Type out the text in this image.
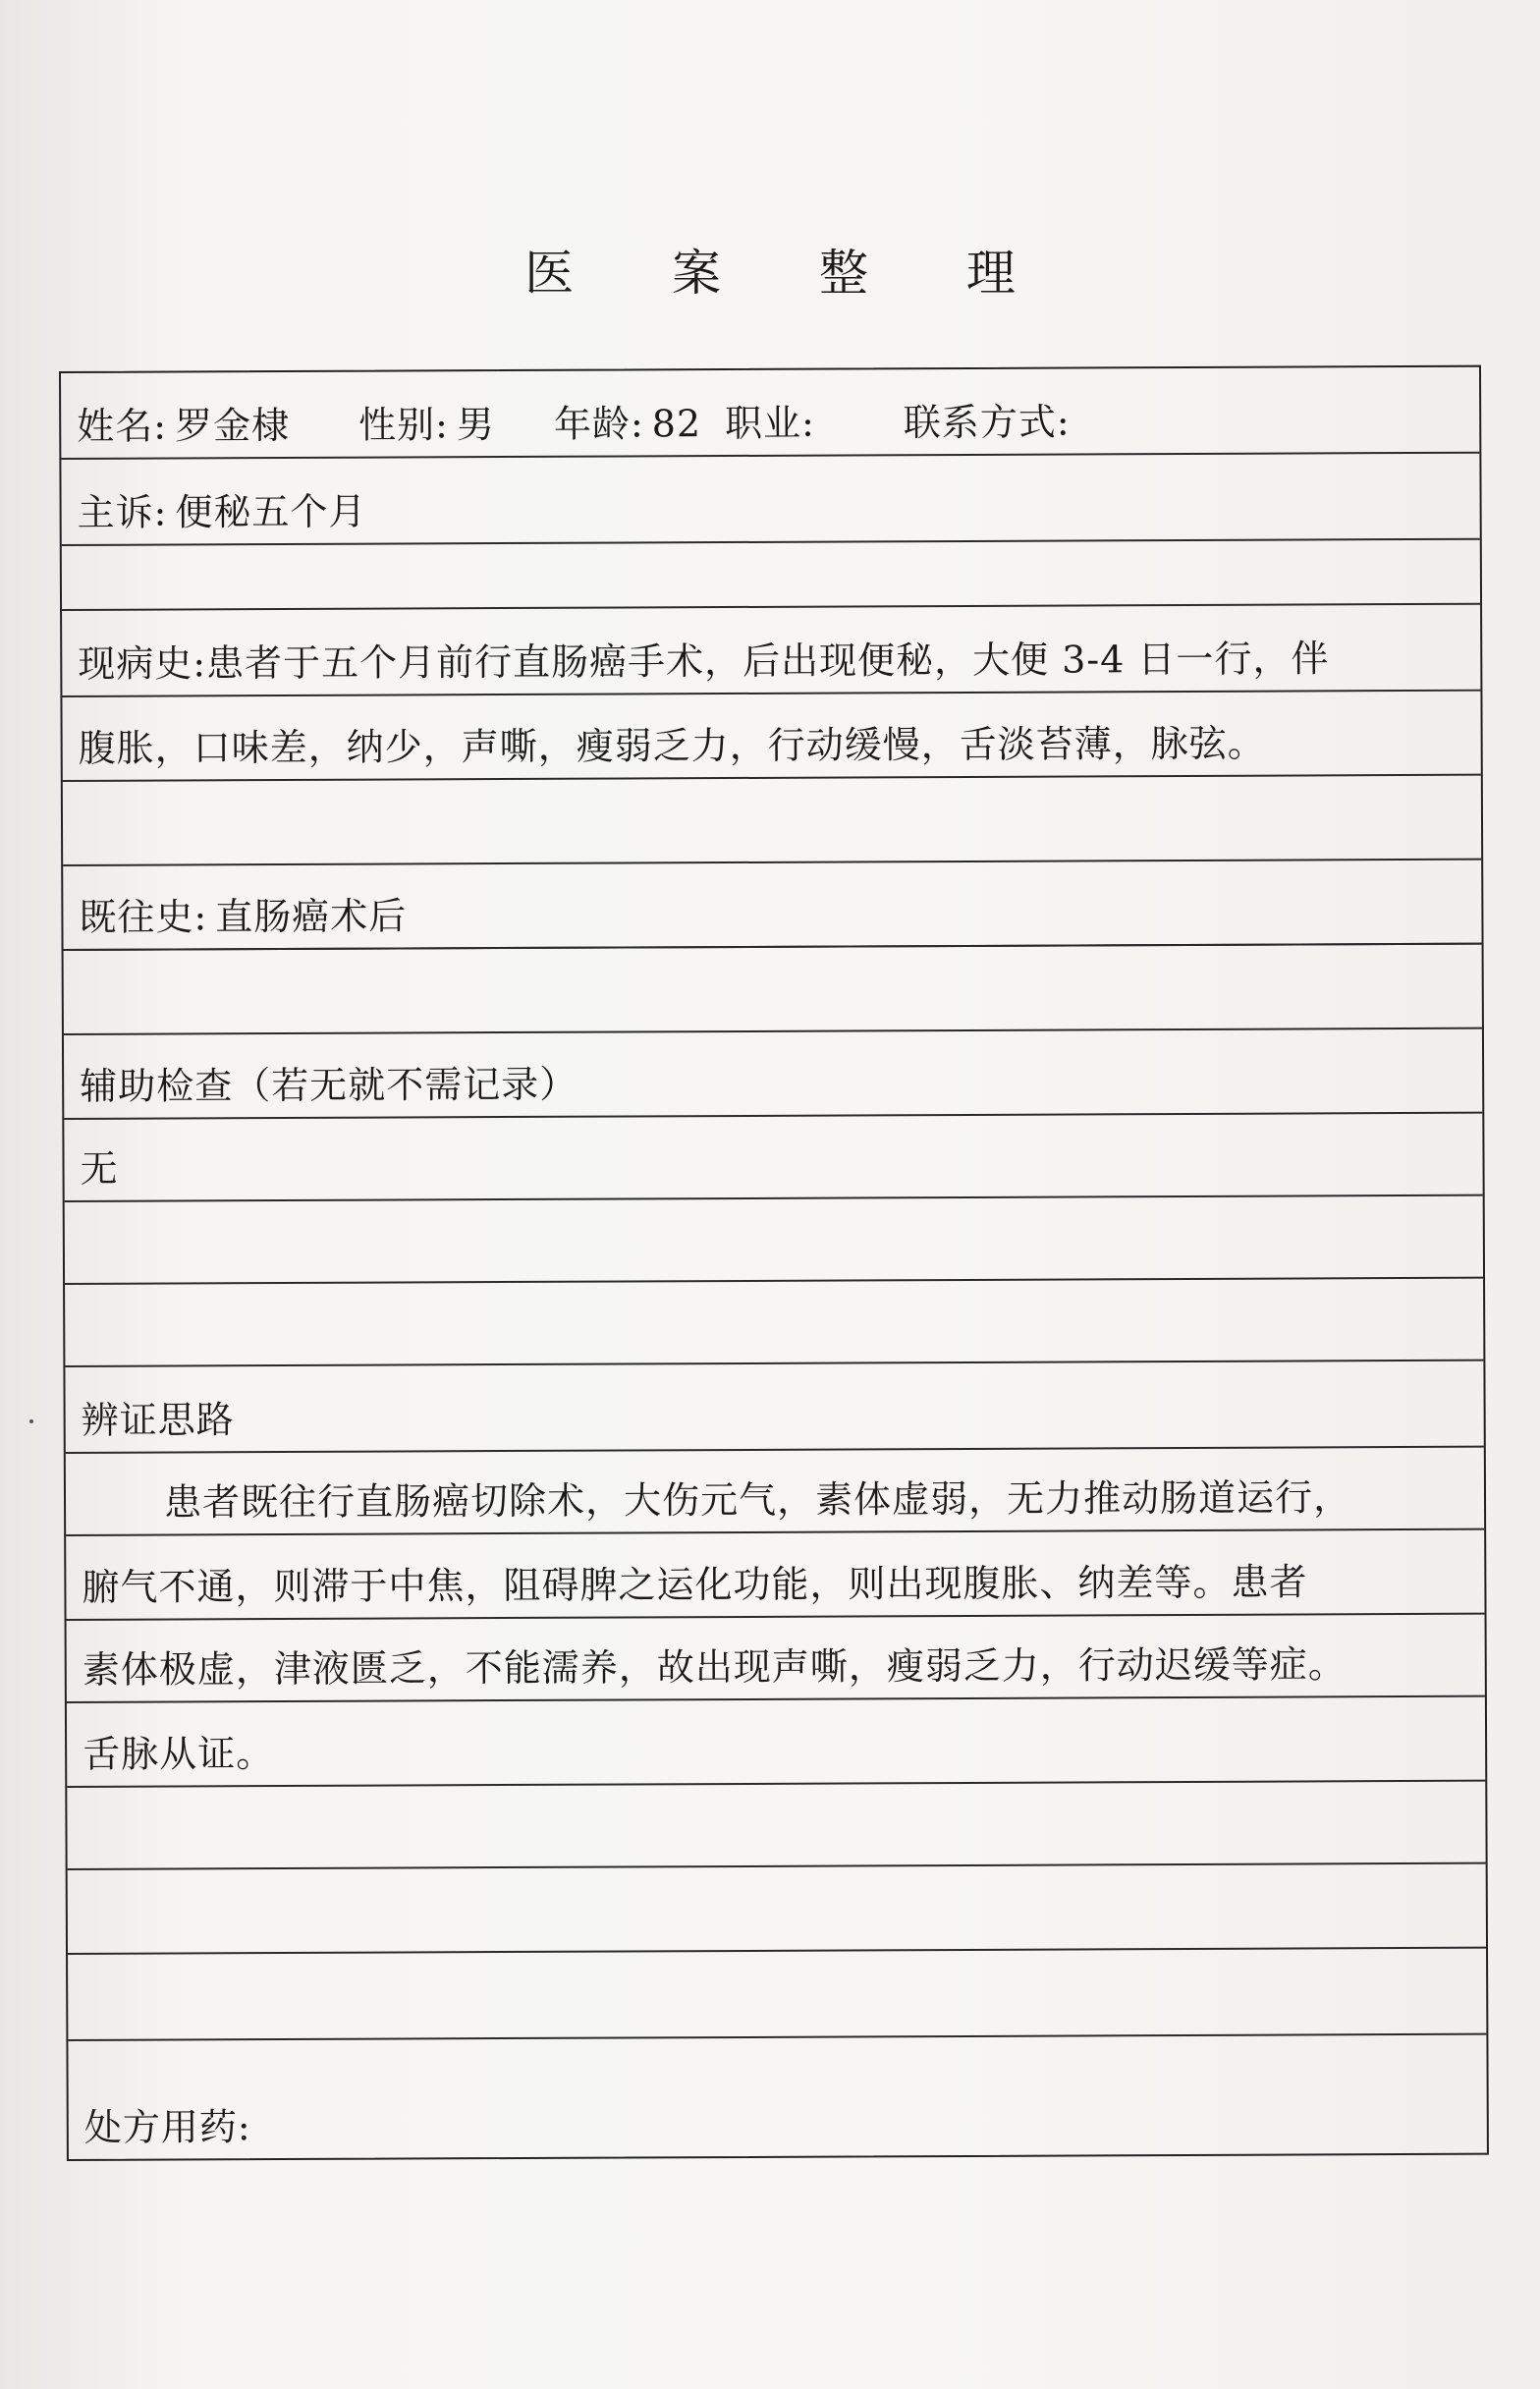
医 案 整 理
姓名: 罗金棣 性别: 男 年龄: 82 职业: 联系方式:
主诉: 便秘五个月
现病史:患者于五个月前行直肠癌手术，后出现便秘，大便 3-4 日一行，伴
腹胀，口味差，纳少，声嘶，瘦弱乏力，行动缓慢，舌淡苔薄，脉弦。
既往史: 直肠癌术后
辅助检查（若无就不需记录）
无
辨证思路
患者既往行直肠癌切除术，大伤元气，素体虚弱，无力推动肠道运行，
腑气不通，则滞于中焦，阻碍脾之运化功能，则出现腹胀、纳差等。患者
素体极虚，津液匮乏，不能濡养，故出现声嘶，瘦弱乏力，行动迟缓等症。
舌脉从证。
处方用药:
